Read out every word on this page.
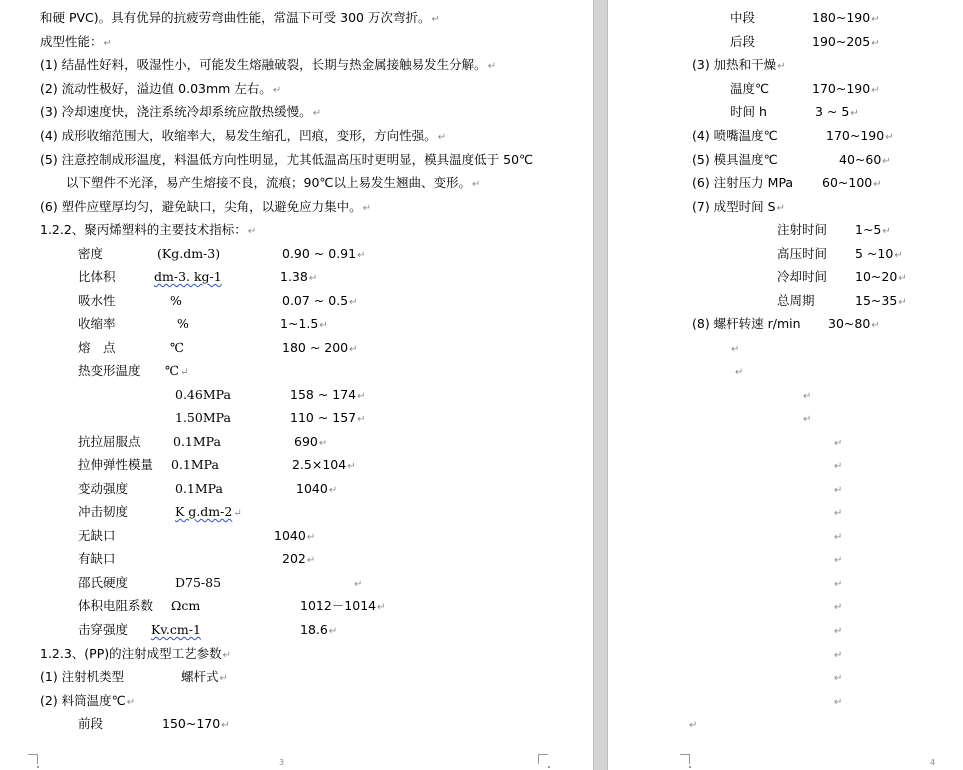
和硬 PVC)。具有优异的抗疲劳弯曲性能，常温下可受 300 万次弯折。↵
成型性能：↵
(1) 结晶性好料，吸湿性小，可能发生熔融破裂，长期与热金属接触易发生分解。↵
(2) 流动性极好，溢边值 0.03mm 左右。↵
(3) 冷却速度快，浇注系统冷却系统应散热缓慢。↵
(4) 成形收缩范围大，收缩率大，易发生缩孔，凹痕，变形，方向性强。↵
(5) 注意控制成形温度，料温低方向性明显，尤其低温高压时更明显，模具温度低于 50℃
以下塑件不光泽，易产生熔接不良，流痕；90℃以上易发生翘曲、变形。↵
(6) 塑件应壁厚均匀，避免缺口，尖角，以避免应力集中。↵
1.2.2、聚丙烯塑料的主要技术指标：↵
密度	(Kg.dm-3)	0.90 ~ 0.91↵
比体积	dm-3. kg-1	1.38↵
吸水性	%	0.07 ~ 0.5↵
收缩率	%	1~1.5↵
熔　点	℃	180 ~ 200↵
热变形温度 ℃↵
0.46MPa	158 ~ 174↵
1.50MPa	110 ~ 157↵
抗拉屈服点	0.1MPa	690↵
拉伸弹性模量 0.1MPa	2.5×104↵
变动强度	0.1MPa	1040↵
冲击韧度	K g.dm-2↵
无缺口	1040↵
有缺口	202↵
邵氏硬度	D75-85	↵
体积电阻系数 Ωcm	1012－1014↵
击穿强度 Kv.cm-1	18.6↵
1.2.3、(PP)的注射成型工艺参数↵
(1) 注射机类型	螺杆式↵
(2) 料筒温度℃↵
前段	150~170↵
3
中段	180~190↵
后段	190~205↵
(3) 加热和干燥↵
温度℃	170~190↵
时间 h	3 ~ 5↵
(4) 喷嘴温度℃	170~190↵
(5) 模具温度℃	40~60↵
(6) 注射压力 MPa 60~100↵
(7) 成型时间 S↵
注射时间 1~5↵
高压时间 5 ~10↵
冷却时间 10~20↵
总周期	15~35↵
(8) 螺杆转速 r/min 30~80↵
↵
↵
↵
↵
↵
↵
↵
↵
↵
↵
↵
↵
↵
↵
↵
↵
↵
4
